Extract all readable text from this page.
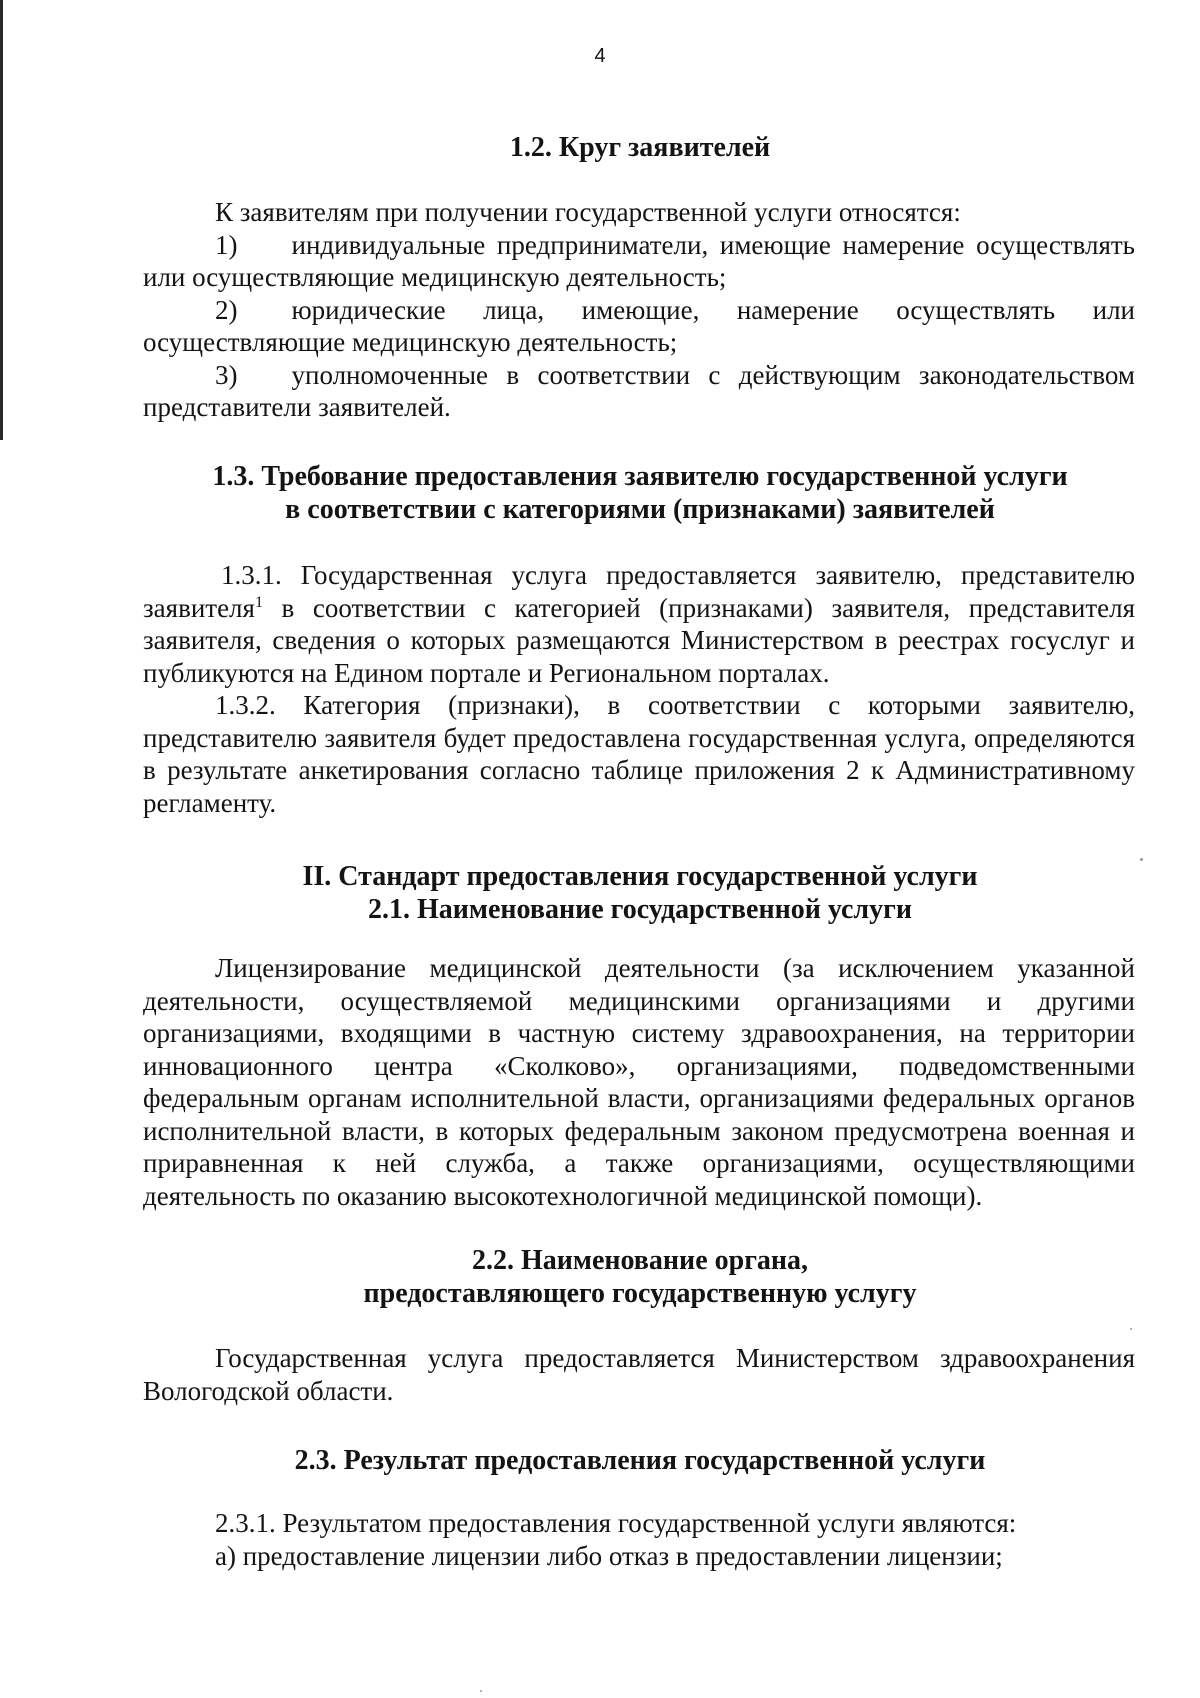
4
1.2. Круг заявителей

К заявителям при получении государственной услуги относятся:

1)  индивидуальные предприниматели, имеющие намерение осуществлять или осуществляющие медицинскую деятельность;

2)  юридические лица, имеющие, намерение осуществлять или осуществляющие медицинскую деятельность;

3)  уполномоченные в соответствии с действующим законодательством представители заявителей.

1.3. Требование предоставления заявителю государственной услуги
в соответствии с категориями (признаками) заявителей

1.3.1. Государственная услуга предоставляется заявителю, представителю заявителя$^1$ в соответствии с категорией (признаками) заявителя, представителя заявителя, сведения о которых размещаются Министерством в реестрах госуслуг и публикуются на Едином портале и Региональном порталах.

1.3.2. Категория (признаки), в соответствии с которыми заявителю, представителю заявителя будет предоставлена государственная услуга, определяются в результате анкетирования согласно таблице приложения 2 к Административному регламенту.

II. Стандарт предоставления государственной услуги
2.1. Наименование государственной услуги

Лицензирование медицинской деятельности (за исключением указанной деятельности, осуществляемой медицинскими организациями и другими организациями, входящими в частную систему здравоохранения, на территории инновационного центра «Сколково», организациями, подведомственными федеральным органам исполнительной власти, организациями федеральных органов исполнительной власти, в которых федеральным законом предусмотрена военная и приравненная к ней служба, а также организациями, осуществляющими деятельность по оказанию высокотехнологичной медицинской помощи).

2.2. Наименование органа,
предоставляющего государственную услугу

Государственная услуга предоставляется Министерством здравоохранения Вологодской области.

2.3. Результат предоставления государственной услуги

2.3.1. Результатом предоставления государственной услуги являются:

а) предоставление лицензии либо отказ в предоставлении лицензии;
